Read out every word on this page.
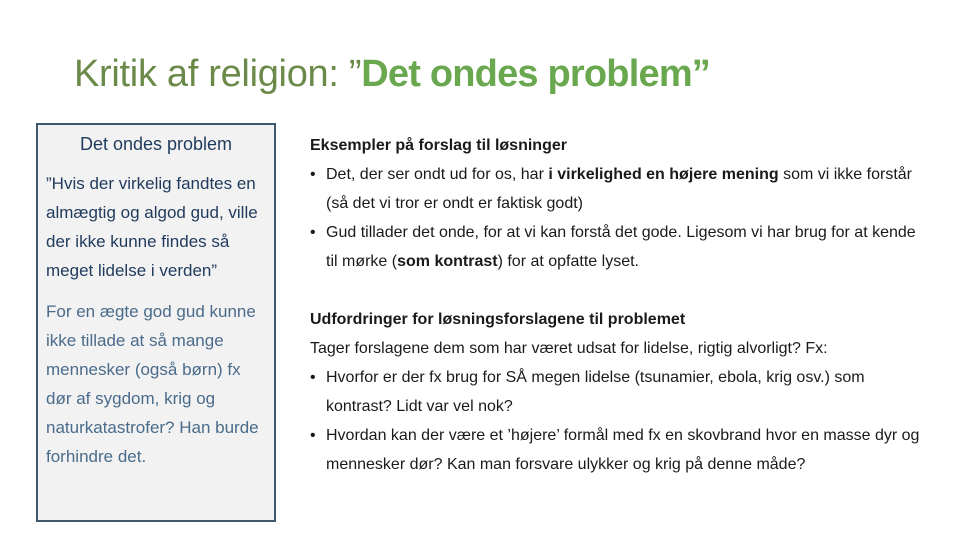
Kritik af religion: ”Det ondes problem”
Det ondes problem

”Hvis der virkelig fandtes en almægtig og algod gud, ville der ikke kunne findes så meget lidelse i verden”

For en ægte god gud kunne ikke tillade at så mange mennesker (også børn) fx dør af sygdom, krig og naturkatastrofer? Han burde forhindre det.

Eksempler på forslag til løsninger

• Det, der ser ondt ud for os, har i virkelighed en højere mening som vi ikke forstår (så det vi tror er ondt er faktisk godt)
• Gud tillader det onde, for at vi kan forstå det gode. Ligesom vi har brug for at kende til mørke (som kontrast) for at opfatte lyset.

Udfordringer for løsningsforslagene til problemet

Tager forslagene dem som har været udsat for lidelse, rigtig alvorligt? Fx:

• Hvorfor er der fx brug for SÅ megen lidelse (tsunamier, ebola, krig osv.) som kontrast? Lidt var vel nok?
• Hvordan kan der være et ’højere’ formål med fx en skovbrand hvor en masse dyr og mennesker dør? Kan man forsvare ulykker og krig på denne måde?
